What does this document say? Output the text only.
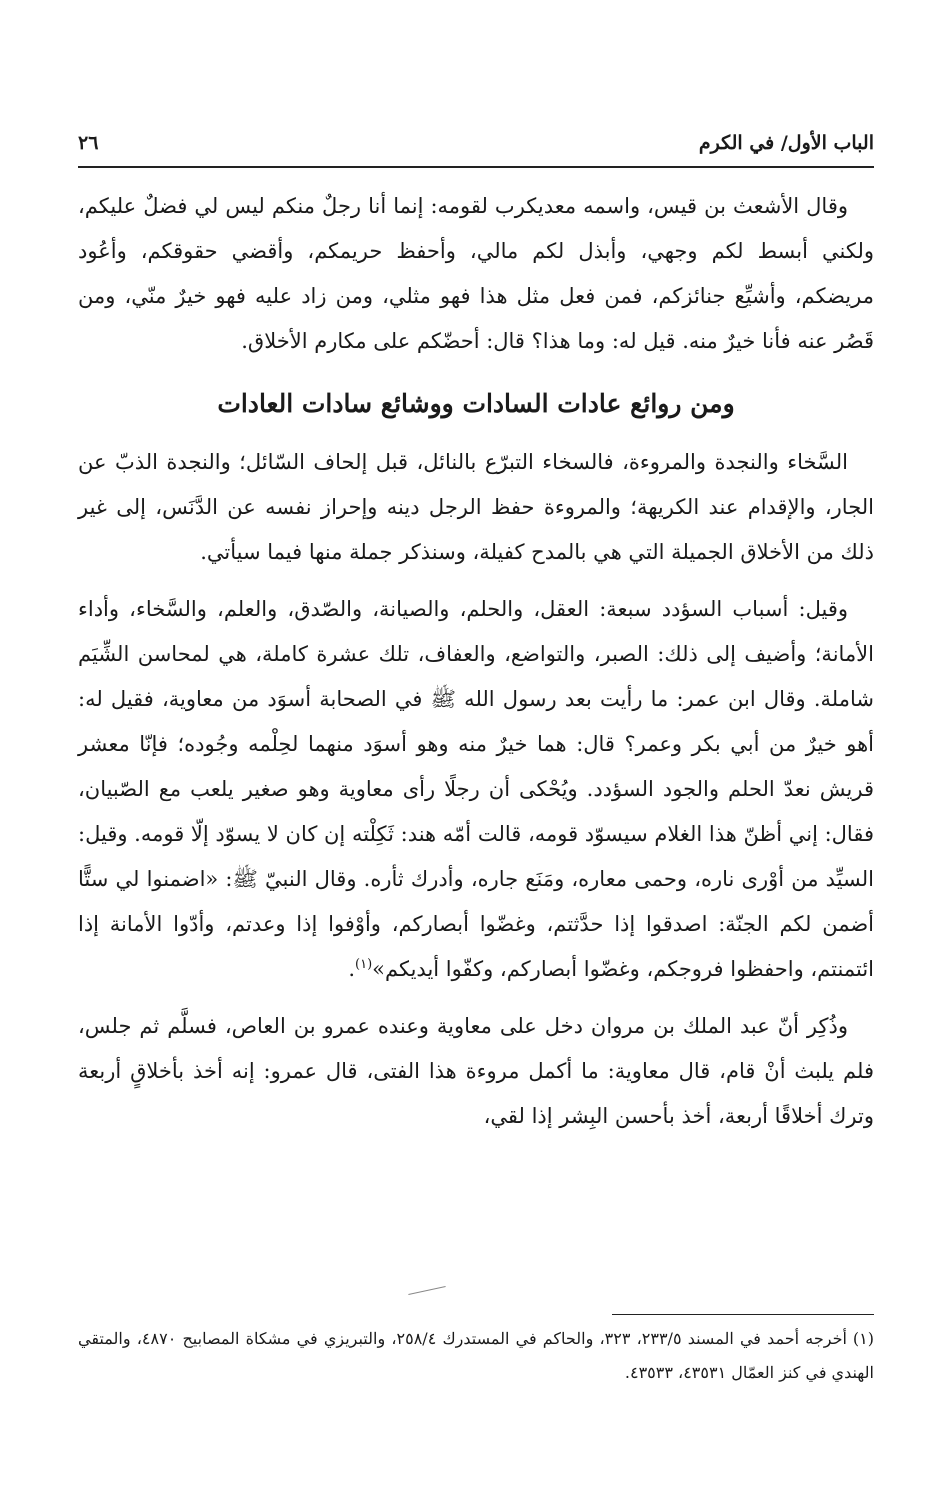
الباب الأول/ في الكرم
٢٦

وقال الأشعث بن قيس، واسمه معديكرب لقومه: إنما أنا رجلٌ منكم ليس لي فضلٌ عليكم، ولكني أبسط لكم وجهي، وأبذل لكم مالي، وأحفظ حريمكم، وأقضي حقوقكم، وأعُود مريضكم، وأشيِّع جنائزكم، فمن فعل مثل هذا فهو مثلي، ومن زاد عليه فهو خيرٌ منّي، ومن قَصُر عنه فأنا خيرٌ منه. قيل له: وما هذا؟ قال: أحضّكم على مكارم الأخلاق.

ومن روائع عادات السادات ووشائع سادات العادات

السَّخاء والنجدة والمروءة، فالسخاء التبرّع بالنائل، قبل إلحاف السّائل؛ والنجدة الذبّ عن الجار، والإقدام عند الكريهة؛ والمروءة حفظ الرجل دينه وإحراز نفسه عن الدَّنَس، إلى غير ذلك من الأخلاق الجميلة التي هي بالمدح كفيلة، وسنذكر جملة منها فيما سيأتي.

وقيل: أسباب السؤدد سبعة: العقل، والحلم، والصيانة، والصّدق، والعلم، والسَّخاء، وأداء الأمانة؛ وأضيف إلى ذلك: الصبر، والتواضع، والعفاف، تلك عشرة كاملة، هي لمحاسن الشِّيَم شاملة. وقال ابن عمر: ما رأيت بعد رسول الله ﷺ في الصحابة أسوَد من معاوية، فقيل له: أهو خيرٌ من أبي بكر وعمر؟ قال: هما خيرٌ منه وهو أسوَد منهما لحِلْمه وجُوده؛ فإنّا معشر قريش نعدّ الحلم والجود السؤدد. ويُحْكى أن رجلًا رأى معاوية وهو صغير يلعب مع الصّبيان، فقال: إني أظنّ هذا الغلام سيسوّد قومه، قالت أمّه هند: ثَكِلْته إن كان لا يسوّد إلّا قومه. وقيل: السيِّد من أوْرى ناره، وحمى معاره، ومَنَع جاره، وأدرك ثأره. وقال النبيّ ﷺ: «اضمنوا لي ستًّا أضمن لكم الجنّة: اصدقوا إذا حدَّثتم، وغضّوا أبصاركم، وأوْفوا إذا وعدتم، وأدّوا الأمانة إذا ائتمنتم، واحفظوا فروجكم، وغضّوا أبصاركم، وكفّوا أيديكم»$^{(١)}$.

وذُكِر أنّ عبد الملك بن مروان دخل على معاوية وعنده عمرو بن العاص، فسلَّم ثم جلس، فلم يلبث أنْ قام، قال معاوية: ما أكمل مروءة هذا الفتى، قال عمرو: إنه أخذ بأخلاقٍ أربعة وترك أخلاقًا أربعة، أخذ بأحسن البِشر إذا لقي،

(١)أخرجه أحمد في المسند ٢٣٣/٥، ٣٢٣، والحاكم في المستدرك ٢٥٨/٤، والتبريزي في مشكاة المصابيح ٤٨٧٠، والمتقي الهندي في كنز العمّال ٤٣٥٣١، ٤٣٥٣٣.
